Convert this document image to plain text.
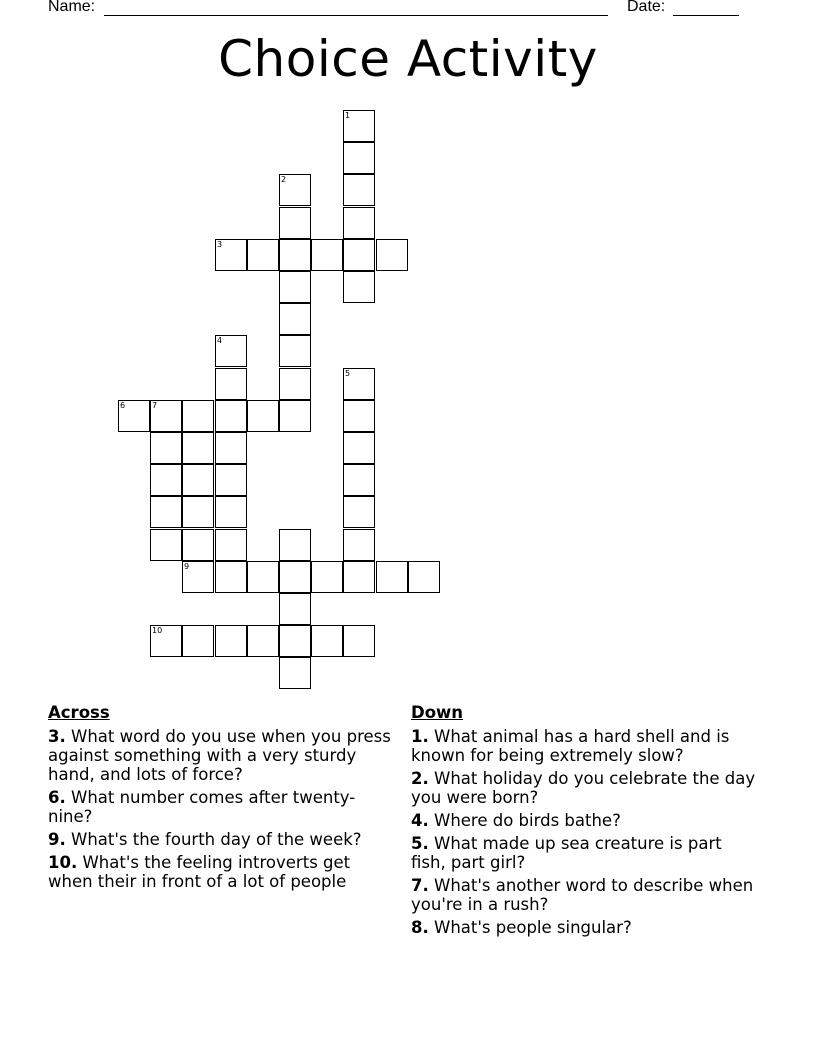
Name:	Date:
Choice Activity
1
2
3
4
5
6	7
9
10
Across
3. What word do you use when you press against something with a very sturdy hand, and lots of force?
6. What number comes after twenty-nine?
9. What's the fourth day of the week?
10. What's the feeling introverts get when their in front of a lot of people
Down
1. What animal has a hard shell and is known for being extremely slow?
2. What holiday do you celebrate the day you were born?
4. Where do birds bathe?
5. What made up sea creature is part fish, part girl?
7. What's another word to describe when you're in a rush?
8. What's people singular?
